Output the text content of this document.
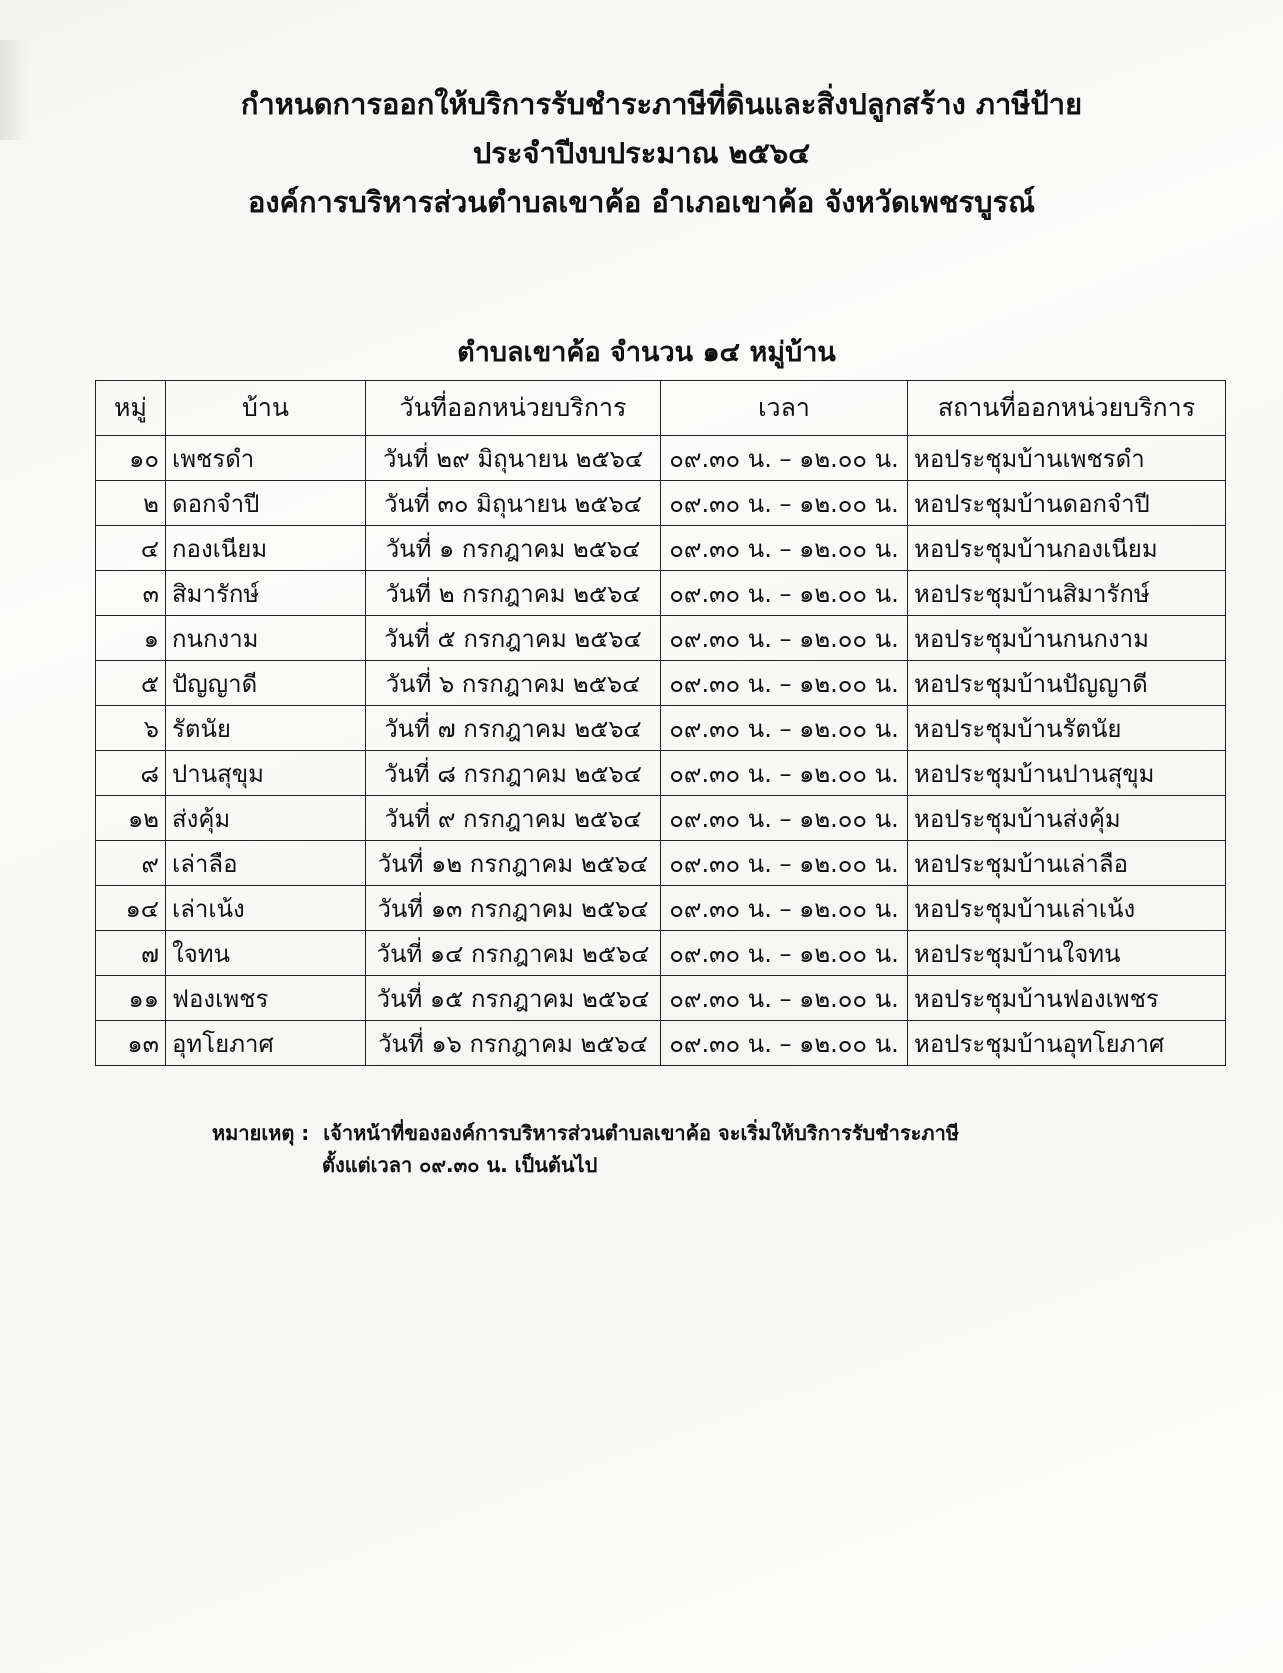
กำหนดการออกให้บริการรับชำระภาษีที่ดินและสิ่งปลูกสร้าง ภาษีป้าย
ประจำปีงบประมาณ ๒๕๖๔
องค์การบริหารส่วนตำบลเขาค้อ อำเภอเขาค้อ จังหวัดเพชรบูรณ์
ตำบลเขาค้อ จำนวน ๑๔ หมู่บ้าน
หมู่	บ้าน	วันที่ออกหน่วยบริการ	เวลา	สถานที่ออกหน่วยบริการ
๑๐	เพชรดำ	วันที่ ๒๙ มิถุนายน ๒๕๖๔	๐๙.๓๐ น. – ๑๒.๐๐ น.	หอประชุมบ้านเพชรดำ
๒	ดอกจำปี	วันที่ ๓๐ มิถุนายน ๒๕๖๔	๐๙.๓๐ น. – ๑๒.๐๐ น.	หอประชุมบ้านดอกจำปี
๔	กองเนียม	วันที่ ๑ กรกฎาคม ๒๕๖๔	๐๙.๓๐ น. – ๑๒.๐๐ น.	หอประชุมบ้านกองเนียม
๓	สิมารักษ์	วันที่ ๒ กรกฎาคม ๒๕๖๔	๐๙.๓๐ น. – ๑๒.๐๐ น.	หอประชุมบ้านสิมารักษ์
๑	กนกงาม	วันที่ ๕ กรกฎาคม ๒๕๖๔	๐๙.๓๐ น. – ๑๒.๐๐ น.	หอประชุมบ้านกนกงาม
๕	ปัญญาดี	วันที่ ๖ กรกฎาคม ๒๕๖๔	๐๙.๓๐ น. – ๑๒.๐๐ น.	หอประชุมบ้านปัญญาดี
๖	รัตนัย	วันที่ ๗ กรกฎาคม ๒๕๖๔	๐๙.๓๐ น. – ๑๒.๐๐ น.	หอประชุมบ้านรัตนัย
๘	ปานสุขุม	วันที่ ๘ กรกฎาคม ๒๕๖๔	๐๙.๓๐ น. – ๑๒.๐๐ น.	หอประชุมบ้านปานสุขุม
๑๒	ส่งคุ้ม	วันที่ ๙ กรกฎาคม ๒๕๖๔	๐๙.๓๐ น. – ๑๒.๐๐ น.	หอประชุมบ้านส่งคุ้ม
๙	เล่าลือ	วันที่ ๑๒ กรกฎาคม ๒๕๖๔	๐๙.๓๐ น. – ๑๒.๐๐ น.	หอประชุมบ้านเล่าลือ
๑๔	เล่าเน้ง	วันที่ ๑๓ กรกฎาคม ๒๕๖๔	๐๙.๓๐ น. – ๑๒.๐๐ น.	หอประชุมบ้านเล่าเน้ง
๗	ใจทน	วันที่ ๑๔ กรกฎาคม ๒๕๖๔	๐๙.๓๐ น. – ๑๒.๐๐ น.	หอประชุมบ้านใจทน
๑๑	ฟองเพชร	วันที่ ๑๕ กรกฎาคม ๒๕๖๔	๐๙.๓๐ น. – ๑๒.๐๐ น.	หอประชุมบ้านฟองเพชร
๑๓	อุทโยภาศ	วันที่ ๑๖ กรกฎาคม ๒๕๖๔	๐๙.๓๐ น. – ๑๒.๐๐ น.	หอประชุมบ้านอุทโยภาศ
หมายเหตุ : เจ้าหน้าที่ขององค์การบริหารส่วนตำบลเขาค้อ จะเริ่มให้บริการรับชำระภาษี
ตั้งแต่เวลา ๐๙.๓๐ น. เป็นต้นไป
